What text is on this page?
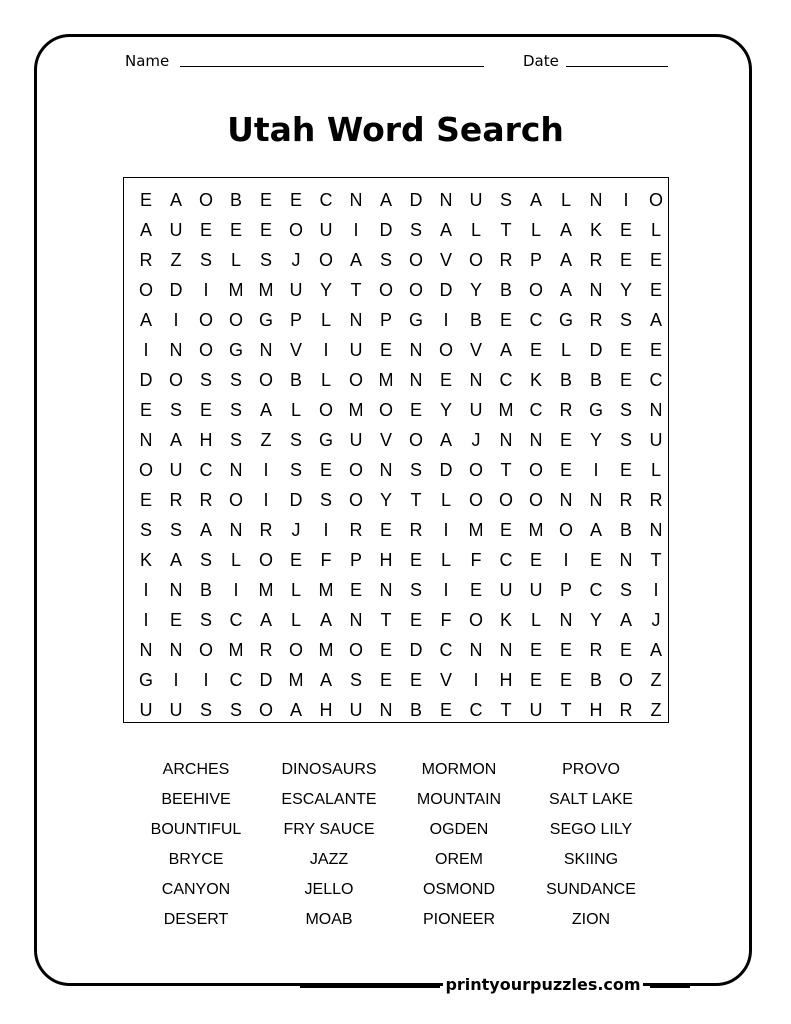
Name	Date
Utah Word Search
E A O B E E C N A D N U S A	L	N	I	O
A U E E E O U	I	D S A	L	T	L	A K E	L
R	Z	S	L	S	J	O A S O V O R P A R E E
O D	I	M M U Y	T O O D Y B O A N Y E
A	I	O O G P	L	N P G	I	B E C G R S A
I	N O G N V	I	U E N O V A E	L	D E E
D O S S O B	L O M N E N C K B B E C
E S E S A	L O M O E Y U M C R G S N
N A H S	Z	S G U V O A	J	N N E Y S U
O U C N	I	S E O N S D O T O E	I	E	L
E R R O	I	D S O Y	T	L O O O N N R R
S S A N R	J	I	R E R	I	M E M O A B N
K A S	L O E	F	P H E	L	F	C E	I	E N	T
I	N B	I	M L M E N S	I	E U U P C S	I
I	E S C A	L	A N	T	E	F O K	L	N Y A	J
N N O M R O M O E D C N N E E R E A
G	I	I	C D M A S E E V	I	H E E B O Z
U U S S O A H U N B E C	T	U	T	H R	Z
ARCHES
BEEHIVE
BOUNTIFUL
BRYCE
CANYON
DESERT
DINOSAURS
ESCALANTE
FRY SAUCE
JAZZ
JELLO
MOAB
MORMON
MOUNTAIN
OGDEN
OREM
OSMOND
PIONEER
PROVO
SALT LAKE
SEGO LILY
SKIING
SUNDANCE
ZION
printyourpuzzles.com
